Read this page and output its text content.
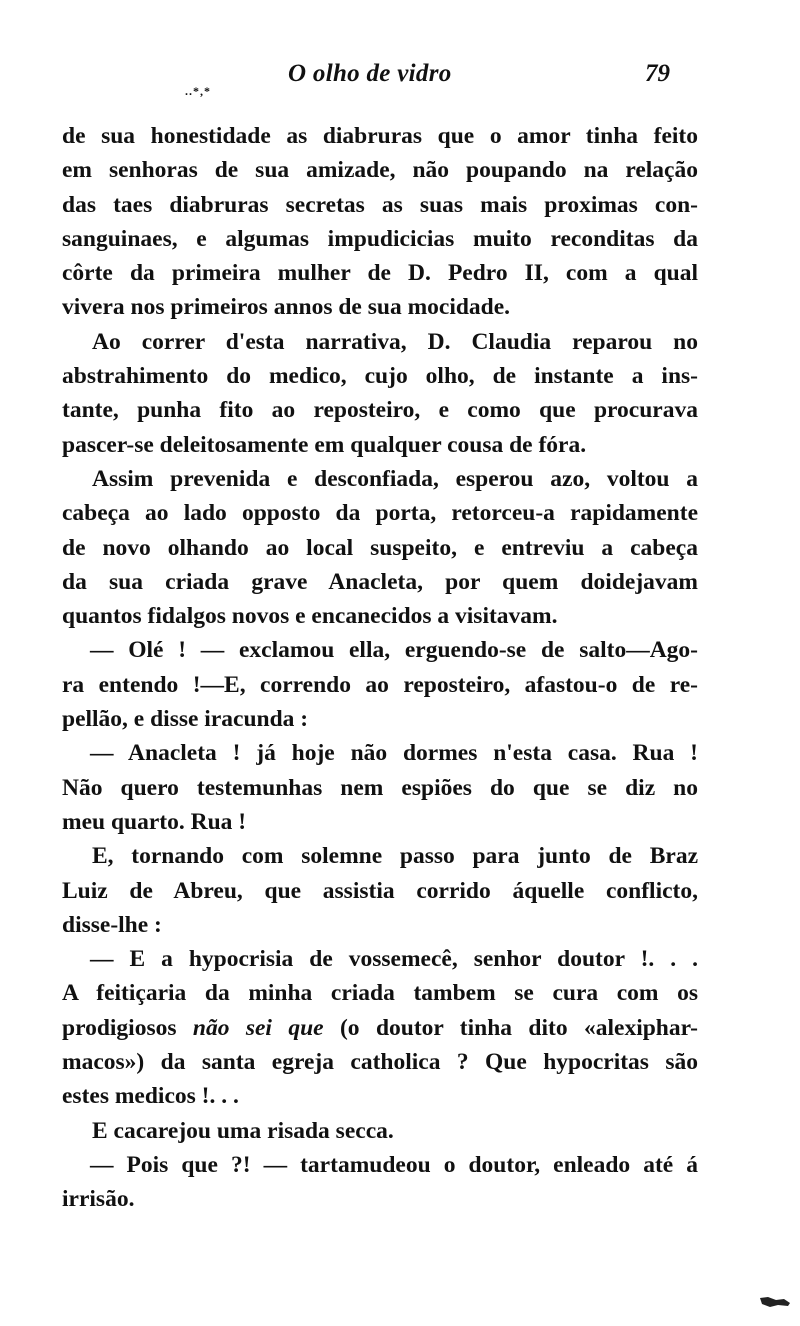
O olho de vidro	79
..*,*
de sua honestidade as diabruras que o amor tinha feito
em senhoras de sua amizade, não poupando na relação
das taes diabruras secretas as suas mais proximas con-
sanguinaes, e algumas impudicicias muito reconditas da
côrte da primeira mulher de D. Pedro II, com a qual
vivera nos primeiros annos de sua mocidade.
Ao correr d'esta narrativa, D. Claudia reparou no
abstrahimento do medico, cujo olho, de instante a ins-
tante, punha fito ao reposteiro, e como que procurava
pascer-se deleitosamente em qualquer cousa de fóra.
Assim prevenida e desconfiada, esperou azo, voltou a
cabeça ao lado opposto da porta, retorceu-a rapidamente
de novo olhando ao local suspeito, e entreviu a cabeça
da sua criada grave Anacleta, por quem doidejavam
quantos fidalgos novos e encanecidos a visitavam.
— Olé ! — exclamou ella, erguendo-se de salto—Ago-
ra entendo !—E, correndo ao reposteiro, afastou-o de re-
pellão, e disse iracunda :
— Anacleta ! já hoje não dormes n'esta casa. Rua !
Não quero testemunhas nem espiões do que se diz no
meu quarto. Rua !
E, tornando com solemne passo para junto de Braz
Luiz de Abreu, que assistia corrido áquelle conflicto,
disse-lhe :
— E a hypocrisia de vossemecê, senhor doutor !. . .
A feitiçaria da minha criada tambem se cura com os
prodigiosos não sei que (o doutor tinha dito «alexiphar-
macos») da santa egreja catholica ? Que hypocritas são
estes medicos !. . .
E cacarejou uma risada secca.
— Pois que ?! — tartamudeou o doutor, enleado até á
irrisão.
